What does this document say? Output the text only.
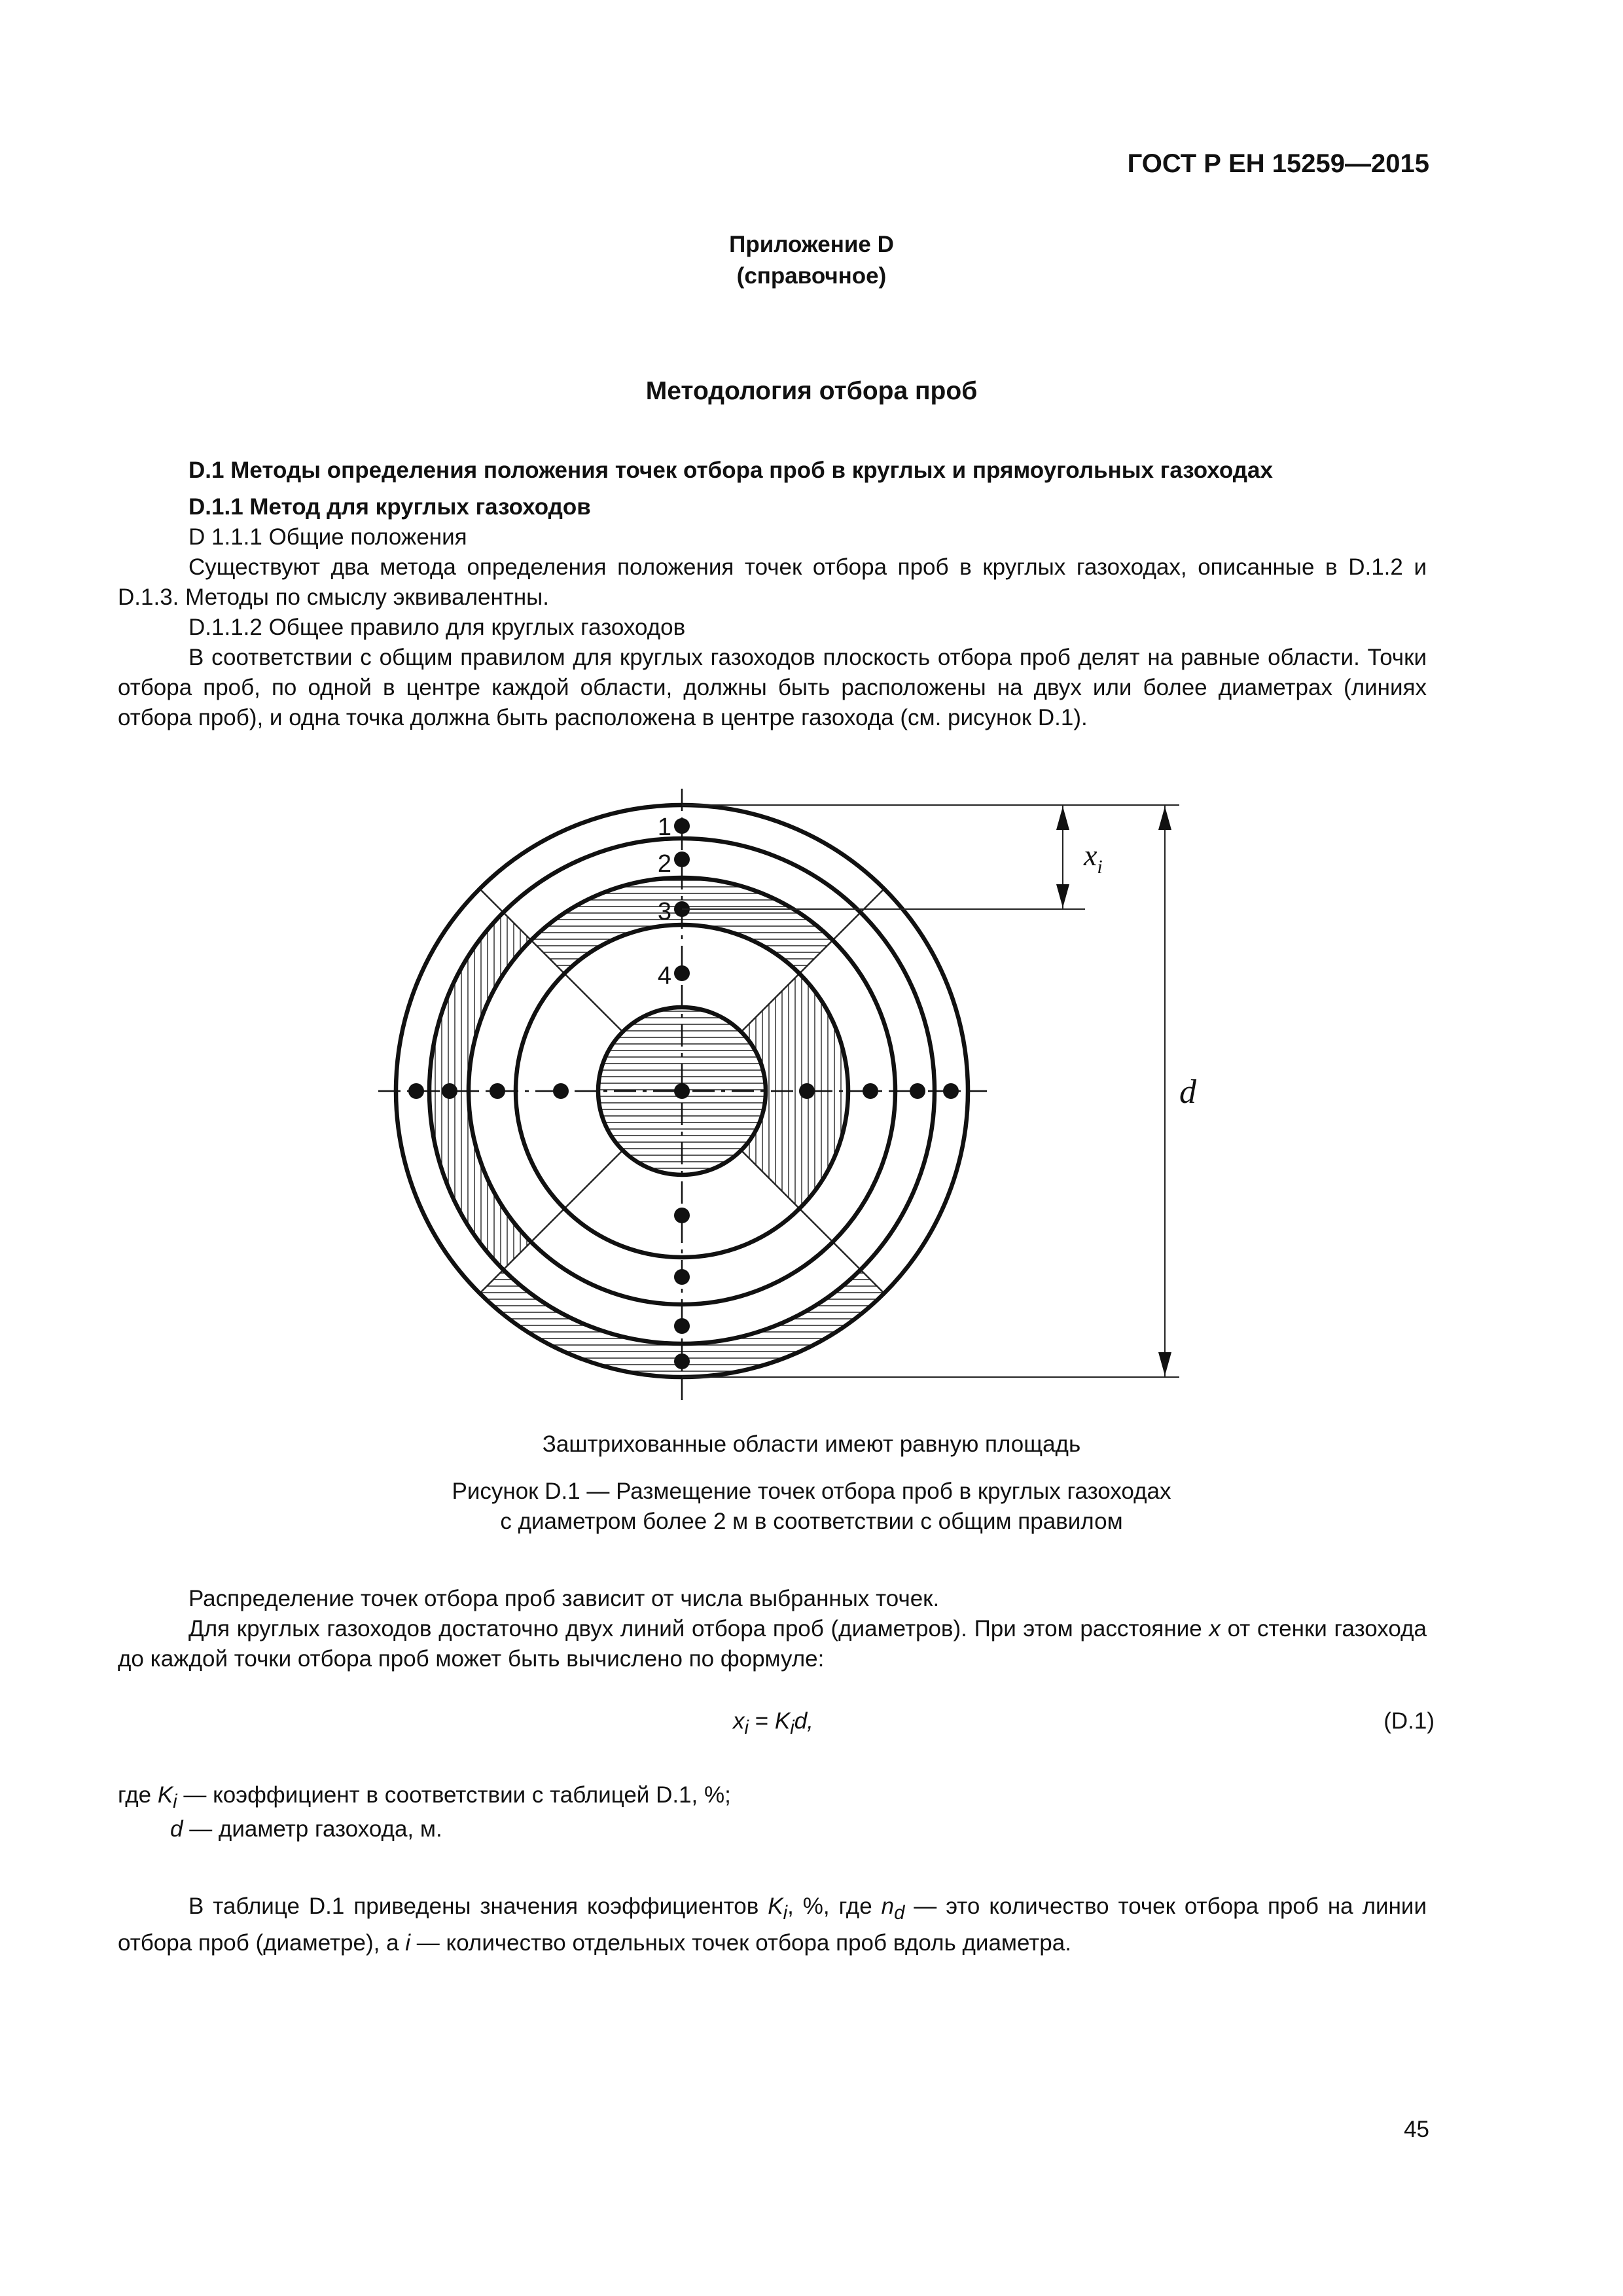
ГОСТ Р ЕН 15259—2015
Приложение D
(справочное)
Методология отбора проб
D.1 Методы определения положения точек отбора проб в круглых и прямоугольных газоходах
D.1.1 Метод для круглых газоходов
D 1.1.1 Общие положения
Существуют два метода определения положения точек отбора проб в круглых газоходах, описанные в D.1.2 и D.1.3. Методы по смыслу эквивалентны.
D.1.1.2 Общее правило для круглых газоходов
В соответствии с общим правилом для круглых газоходов плоскость отбора проб делят на равные области. Точки отбора проб, по одной в центре каждой области, должны быть расположены на двух или более диаметрах (линиях отбора проб), и одна точка должна быть расположена в центре газохода (см. рисунок D.1).
1
2
3
4
$x_i$
d
Заштрихованные области имеют равную площадь
Рисунок D.1 — Размещение точек отбора проб в круглых газоходах
с диаметром более 2 м в соответствии с общим правилом
Распределение точек отбора проб зависит от числа выбранных точек.
Для круглых газоходов достаточно двух линий отбора проб (диаметров). При этом расстояние x от стенки газохода до каждой точки отбора проб может быть вычислено по формуле:
$x_i = K_id$,	(D.1)
где $K_i$ — коэффициент в соответствии с таблицей D.1, %;
d — диаметр газохода, м.
В таблице D.1 приведены значения коэффициентов $K_i$, %, где $n_d$ — это количество точек отбора проб на линии отбора проб (диаметре), а i — количество отдельных точек отбора проб вдоль диаметра.
45
